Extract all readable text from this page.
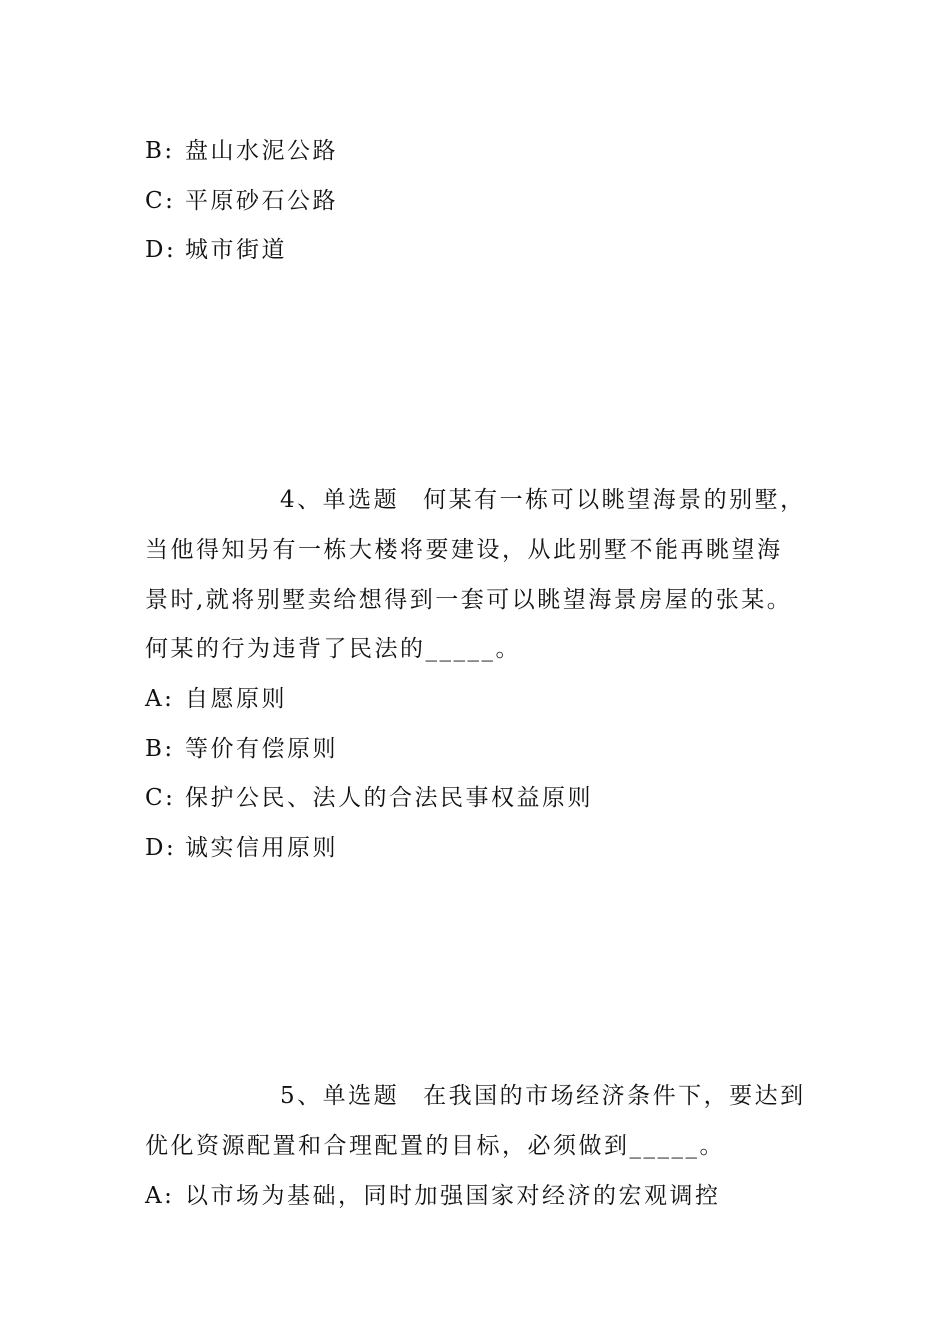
B: 盘山水泥公路
C: 平原砂石公路
D: 城市街道
4、单选题 何某有一栋可以眺望海景的别墅，
当他得知另有一栋大楼将要建设，从此别墅不能再眺望海
景时,就将别墅卖给想得到一套可以眺望海景房屋的张某。
何某的行为违背了民法的_____。
A: 自愿原则
B: 等价有偿原则
C: 保护公民、法人的合法民事权益原则
D: 诚实信用原则
5、单选题 在我国的市场经济条件下，要达到
优化资源配置和合理配置的目标，必须做到_____。
A: 以市场为基础，同时加强国家对经济的宏观调控
